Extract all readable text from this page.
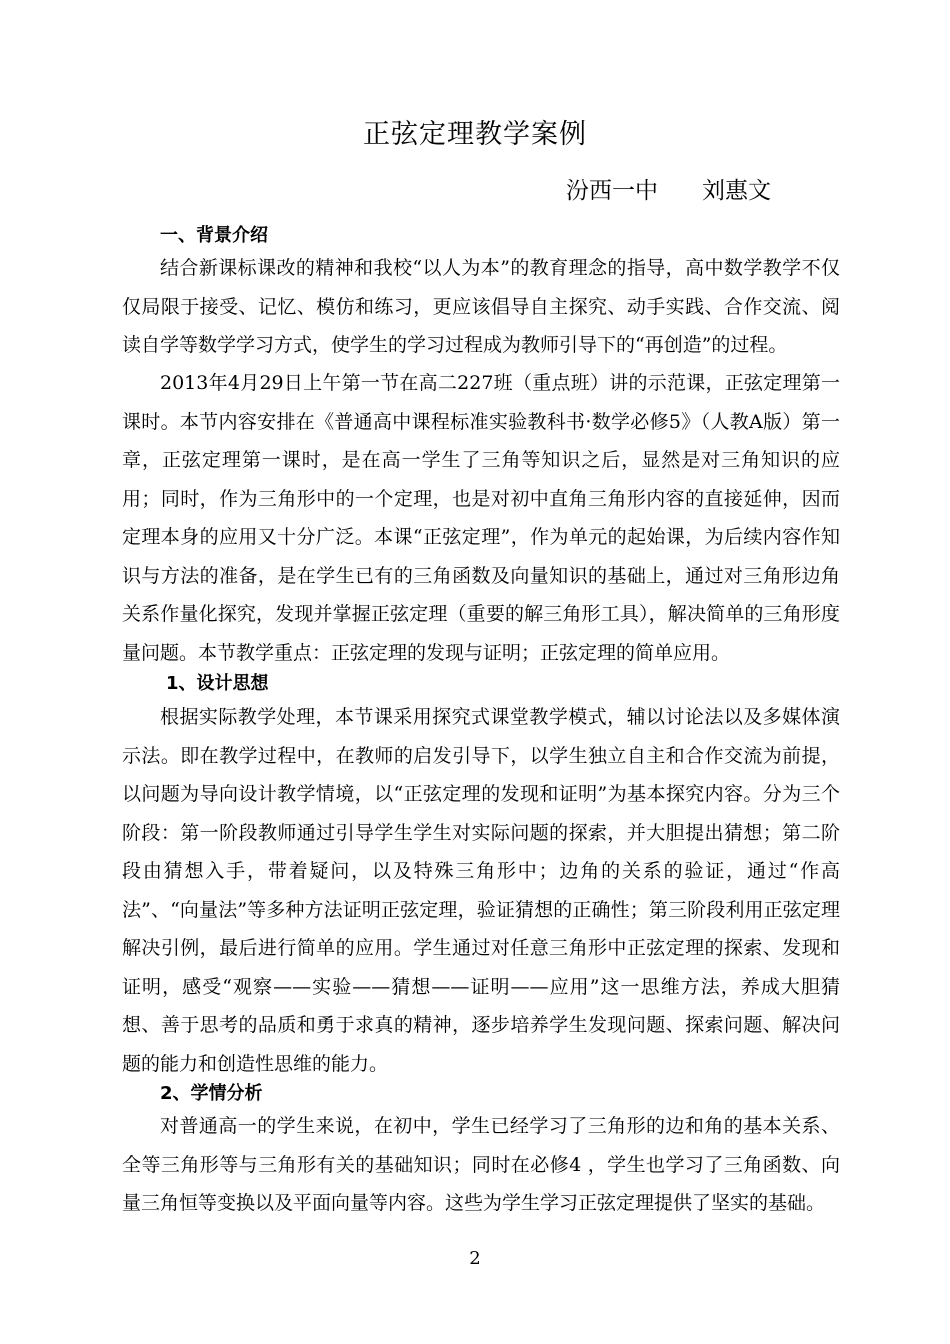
正弦定理教学案例
汾西一中 刘惠文
一、背景介绍

结合新课标课改的精神和我校“以人为本”的教育理念的指导，高中数学教学不仅仅局限于接受、记忆、模仿和练习，更应该倡导自主探究、动手实践、合作交流、阅读自学等数学学习方式，使学生的学习过程成为教师引导下的“再创造”的过程。

2013年4月29日上午第一节在高二227班（重点班）讲的示范课，正弦定理第一课时。本节内容安排在《普通高中课程标准实验教科书·数学必修5》（人教A版）第一章，正弦定理第一课时，是在高一学生了三角等知识之后，显然是对三角知识的应用；同时，作为三角形中的一个定理，也是对初中直角三角形内容的直接延伸，因而定理本身的应用又十分广泛。本课“正弦定理”，作为单元的起始课，为后续内容作知识与方法的准备，是在学生已有的三角函数及向量知识的基础上，通过对三角形边角关系作量化探究，发现并掌握正弦定理（重要的解三角形工具），解决简单的三角形度量问题。本节教学重点：正弦定理的发现与证明；正弦定理的简单应用。

1、设计思想

根据实际教学处理，本节课采用探究式课堂教学模式，辅以讨论法以及多媒体演示法。即在教学过程中，在教师的启发引导下，以学生独立自主和合作交流为前提，以问题为导向设计教学情境，以“正弦定理的发现和证明”为基本探究内容。分为三个阶段：第一阶段教师通过引导学生学生对实际问题的探索，并大胆提出猜想；第二阶段由猜想入手，带着疑问，以及特殊三角形中；边角的关系的验证，通过“作高法”、“向量法”等多种方法证明正弦定理，验证猜想的正确性；第三阶段利用正弦定理解决引例，最后进行简单的应用。学生通过对任意三角形中正弦定理的探索、发现和证明，感受“观察——实验——猜想——证明——应用”这一思维方法，养成大胆猜想、善于思考的品质和勇于求真的精神，逐步培养学生发现问题、探索问题、解决问题的能力和创造性思维的能力。

2、学情分析

对普通高一的学生来说，在初中，学生已经学习了三角形的边和角的基本关系、全等三角形等与三角形有关的基础知识；同时在必修4 ，学生也学习了三角函数、向量三角恒等变换以及平面向量等内容。这些为学生学习正弦定理提供了坚实的基础。

2
